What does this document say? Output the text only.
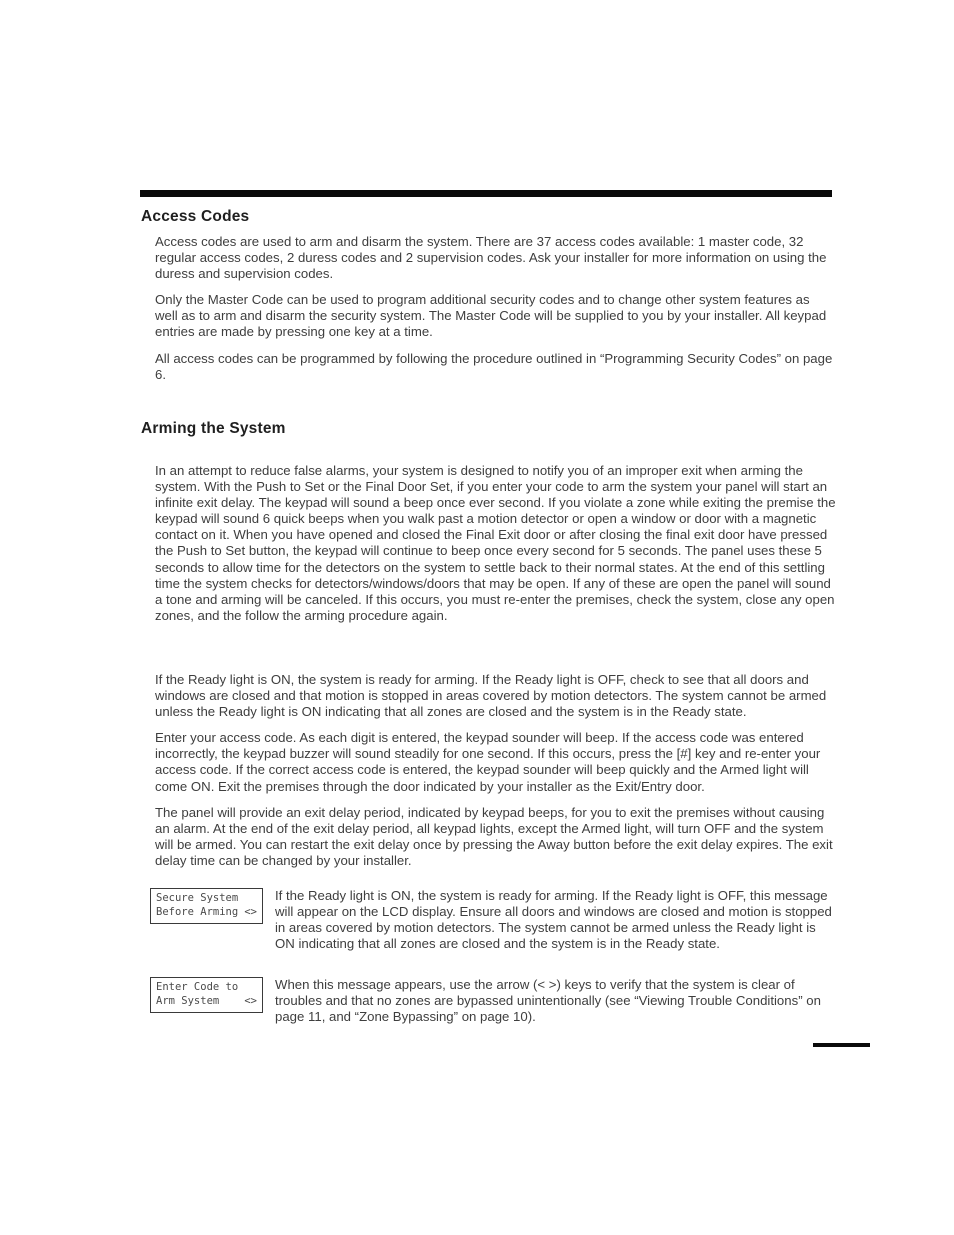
Access Codes

Access codes are used to arm and disarm the system. There are 37 access codes available: 1 master code, 32 regular access codes, 2 duress codes and 2 supervision codes. Ask your installer for more information on using the duress and supervision codes.

Only the Master Code can be used to program additional security codes and to change other system features as well as to arm and disarm the security system. The Master Code will be supplied to you by your installer. All keypad entries are made by pressing one key at a time.

All access codes can be programmed by following the procedure outlined in “Programming Security Codes” on page 6.

Arming the System

In an attempt to reduce false alarms, your system is designed to notify you of an improper exit when arming the system. With the Push to Set or the Final Door Set, if you enter your code to arm the system your panel will start an infinite exit delay. The keypad will sound a beep once ever second. If you violate a zone while exiting the premise the keypad will sound 6 quick beeps when you walk past a motion detector or open a window or door with a magnetic contact on it. When you have opened and closed the Final Exit door or after closing the final exit door have pressed the Push to Set button, the keypad will continue to beep once every second for 5 seconds. The panel uses these 5 seconds to allow time for the detectors on the system to settle back to their normal states. At the end of this settling time the system checks for detectors/windows/doors that may be open. If any of these are open the panel will sound a tone and arming will be canceled. If this occurs, you must re-enter the premises, check the system, close any open zones, and the follow the arming procedure again.

If the Ready light is ON, the system is ready for arming. If the Ready light is OFF, check to see that all doors and windows are closed and that motion is stopped in areas covered by motion detectors. The system cannot be armed unless the Ready light is ON indicating that all zones are closed and the system is in the Ready state.

Enter your access code. As each digit is entered, the keypad sounder will beep. If the access code was entered incorrectly, the keypad buzzer will sound steadily for one second. If this occurs, press the [#] key and re-enter your access code. If the correct access code is entered, the keypad sounder will beep quickly and the Armed light will come ON. Exit the premises through the door indicated by your installer as the Exit/Entry door.

The panel will provide an exit delay period, indicated by keypad beeps, for you to exit the premises without causing an alarm. At the end of the exit delay period, all keypad lights, except the Armed light, will turn OFF and the system will be armed. You can restart the exit delay once by pressing the Away button before the exit delay expires. The exit delay time can be changed by your installer.

Secure System
Before Arming <>
If the Ready light is ON, the system is ready for arming. If the Ready light is OFF, this message will appear on the LCD display. Ensure all doors and windows are closed and motion is stopped in areas covered by motion detectors. The system cannot be armed unless the Ready light is ON indicating that all zones are closed and the system is in the Ready state.
Enter Code to
Arm System <>
When this message appears, use the arrow (< >) keys to verify that the system is clear of troubles and that no zones are bypassed unintentionally (see “Viewing Trouble Conditions” on page 11, and “Zone Bypassing” on page 10).
